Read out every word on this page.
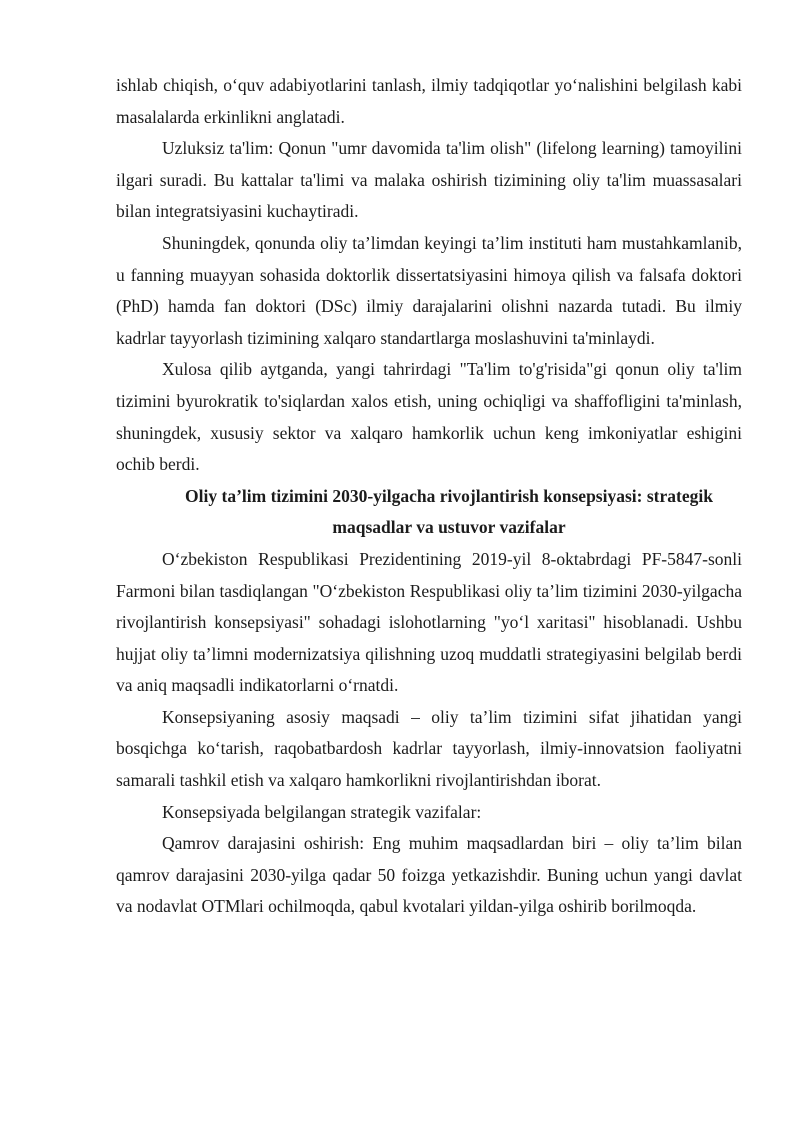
ishlab chiqish, o‘quv adabiyotlarini tanlash, ilmiy tadqiqotlar yo‘nalishini belgilash kabi masalalarda erkinlikni anglatadi.

Uzluksiz ta'lim: Qonun "umr davomida ta'lim olish" (lifelong learning) tamoyilini ilgari suradi. Bu kattalar ta'limi va malaka oshirish tizimining oliy ta'lim muassasalari bilan integratsiyasini kuchaytiradi.

Shuningdek, qonunda oliy ta’limdan keyingi ta’lim instituti ham mustahkamlanib, u fanning muayyan sohasida doktorlik dissertatsiyasini himoya qilish va falsafa doktori (PhD) hamda fan doktori (DSc) ilmiy darajalarini olishni nazarda tutadi. Bu ilmiy kadrlar tayyorlash tizimining xalqaro standartlarga moslashuvini ta'minlaydi.

Xulosa qilib aytganda, yangi tahrirdagi "Ta'lim to'g'risida"gi qonun oliy ta'lim tizimini byurokratik to'siqlardan xalos etish, uning ochiqligi va shaffofligini ta'minlash, shuningdek, xususiy sektor va xalqaro hamkorlik uchun keng imkoniyatlar eshigini ochib berdi.

Oliy ta’lim tizimini 2030-yilgacha rivojlantirish konsepsiyasi: strategik
maqsadlar va ustuvor vazifalar

O‘zbekiston Respublikasi Prezidentining 2019-yil 8-oktabrdagi PF-5847-sonli Farmoni bilan tasdiqlangan "O‘zbekiston Respublikasi oliy ta’lim tizimini 2030-yilgacha rivojlantirish konsepsiyasi" sohadagi islohotlarning "yo‘l xaritasi" hisoblanadi. Ushbu hujjat oliy ta’limni modernizatsiya qilishning uzoq muddatli strategiyasini belgilab berdi va aniq maqsadli indikatorlarni o‘rnatdi.

Konsepsiyaning asosiy maqsadi – oliy ta’lim tizimini sifat jihatidan yangi bosqichga ko‘tarish, raqobatbardosh kadrlar tayyorlash, ilmiy-innovatsion faoliyatni samarali tashkil etish va xalqaro hamkorlikni rivojlantirishdan iborat.

Konsepsiyada belgilangan strategik vazifalar:

Qamrov darajasini oshirish: Eng muhim maqsadlardan biri – oliy ta’lim bilan qamrov darajasini 2030-yilga qadar 50 foizga yetkazishdir. Buning uchun yangi davlat va nodavlat OTMlari ochilmoqda, qabul kvotalari yildan-yilga oshirib borilmoqda.
